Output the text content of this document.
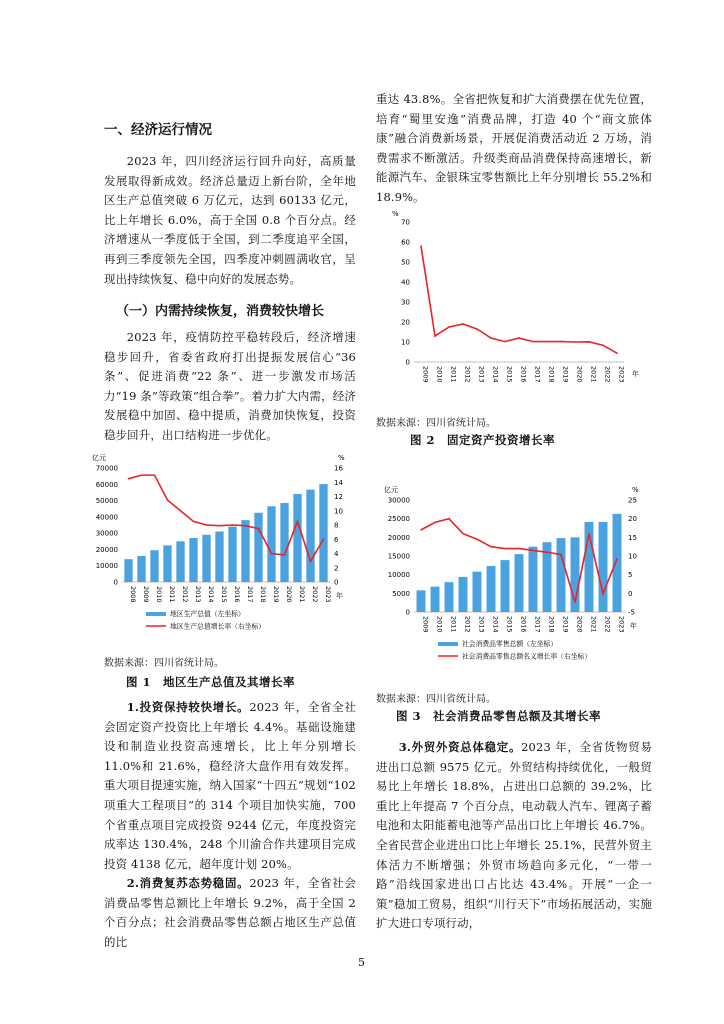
一、经济运行情况

2023 年，四川经济运行回升向好，高质量发展取得新成效。经济总量迈上新台阶，全年地区生产总值突破 6 万亿元，达到 60133 亿元，比上年增长 6.0%，高于全国 0.8 个百分点。经济增速从一季度低于全国，到二季度追平全国，再到三季度领先全国，四季度冲刺圆满收官，呈现出持续恢复、稳中向好的发展态势。

（一）内需持续恢复，消费较快增长

2023 年，疫情防控平稳转段后，经济增速稳步回升，省委省政府打出提振发展信心“36 条”、促进消费“22 条”、进一步激发市场活力“19 条”等政策“组合拳”。着力扩大内需，经济发展稳中加固、稳中提质，消费加快恢复，投资稳步回升，出口结构进一步优化。

亿元	%
70000
60000
50000
40000
30000
20000
10000
0
16
14
12
10
8
6
4
2
0
2008 2009 2010 2011 2012 2013 2014 2015 2016 2017 2018 2019 2020 2021 2022 2023 年
地区生产总值（左坐标）
地区生产总值增长率（右坐标）

数据来源：四川省统计局。

图 1　地区生产总值及其增长率

1.投资保持较快增长。2023 年，全省全社会固定资产投资比上年增长 4.4%。基础设施建设和制造业投资高速增长，比上年分别增长 11.0%和 21.6%，稳经济大盘作用有效发挥。重大项目提速实施，纳入国家“十四五”规划“102 项重大工程项目”的 314 个项目加快实施，700 个省重点项目完成投资 9244 亿元，年度投资完成率达 130.4%，248 个川渝合作共建项目完成投资 4138 亿元，超年度计划 20%。

2.消费复苏态势稳固。2023 年，全省社会消费品零售总额比上年增长 9.2%，高于全国 2 个百分点；社会消费品零售总额占地区生产总值的比

重达 43.8%。全省把恢复和扩大消费摆在优先位置，培育“蜀里安逸”消费品牌，打造 40 个“商文旅体康”融合消费新场景，开展促消费活动近 2 万场，消费需求不断激活。升级类商品消费保持高速增长，新能源汽车、金银珠宝零售额比上年分别增长 55.2%和 18.9%。

%
70
60
50
40
30
20
10
0
2009 2010 2011 2012 2013 2014 2015 2016 2017 2018 2019 2020 2021 2022 2023 年

数据来源：四川省统计局。

图 2　固定资产投资增长率

亿元	%
30000
25000
20000
15000
10000
5000
0
25
20
15
10
5
0
-5
2009 2010 2011 2012 2013 2014 2015 2016 2017 2018 2019 2020 2021 2022 2023 年
社会消费品零售总额（左坐标）
社会消费品零售总额名义增长率（右坐标）

数据来源：四川省统计局。

图 3　社会消费品零售总额及其增长率

3.外贸外资总体稳定。2023 年，全省货物贸易进出口总额 9575 亿元。外贸结构持续优化，一般贸易比上年增长 18.8%，占进出口总额的 39.2%，比重比上年提高 7 个百分点，电动载人汽车、锂离子蓄电池和太阳能蓄电池等产品出口比上年增长 46.7%。全省民营企业进出口比上年增长 25.1%，民营外贸主体活力不断增强；外贸市场趋向多元化，“一带一路”沿线国家进出口占比达 43.4%。开展“一企一策”稳加工贸易，组织“川行天下”市场拓展活动，实施扩大进口专项行动，

5
